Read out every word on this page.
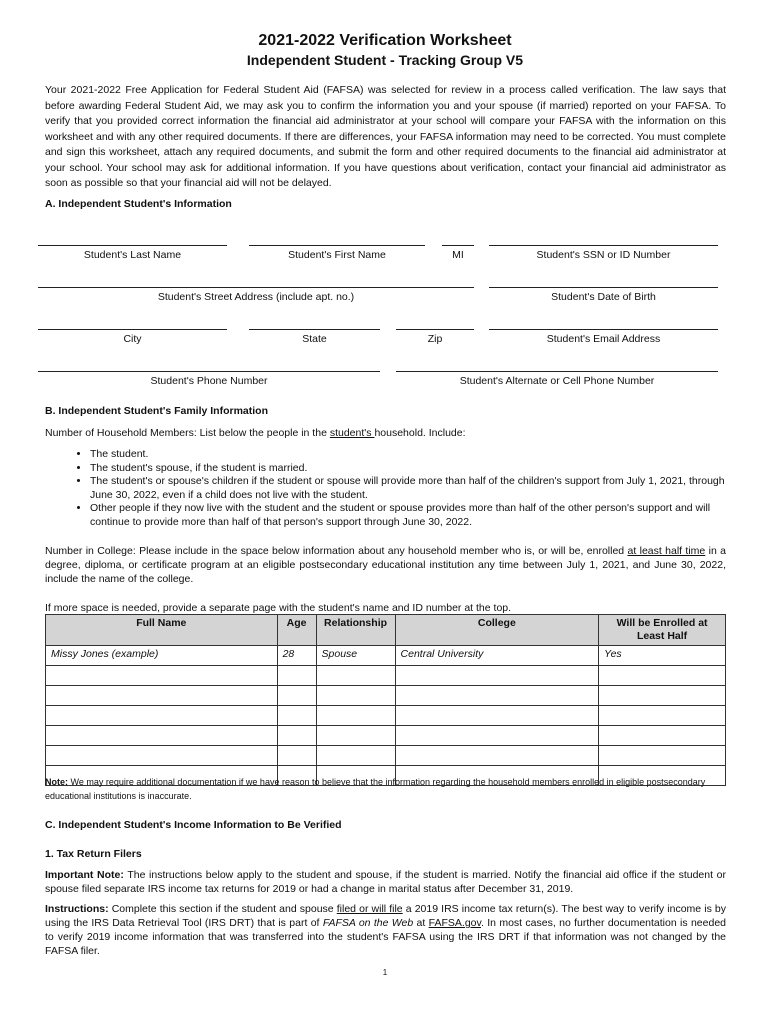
2021-2022 Verification Worksheet
Independent Student - Tracking Group V5
Your 2021-2022 Free Application for Federal Student Aid (FAFSA) was selected for review in a process called verification. The law says that before awarding Federal Student Aid, we may ask you to confirm the information you and your spouse (if married) reported on your FAFSA. To verify that you provided correct information the financial aid administrator at your school will compare your FAFSA with the information on this worksheet and with any other required documents. If there are differences, your FAFSA information may need to be corrected. You must complete and sign this worksheet, attach any required documents, and submit the form and other required documents to the financial aid administrator at your school. Your school may ask for additional information. If you have questions about verification, contact your financial aid administrator as soon as possible so that your financial aid will not be delayed.
A. Independent Student's Information
Student's Last Name	Student's First Name	MI	Student's SSN or ID Number
Student's Street Address (include apt. no.)	Student's Date of Birth
City	State	Zip	Student's Email Address
Student's Phone Number	Student's Alternate or Cell Phone Number
B. Independent Student's Family Information
Number of Household Members: List below the people in the student's household. Include:
• The student.
• The student's spouse, if the student is married.
• The student's or spouse's children if the student or spouse will provide more than half of the children's support from July 1, 2021, through June 30, 2022, even if a child does not live with the student.
• Other people if they now live with the student and the student or spouse provides more than half of the other person's support and will continue to provide more than half of that person's support through June 30, 2022.
Number in College: Please include in the space below information about any household member who is, or will be, enrolled at least half time in a degree, diploma, or certificate program at an eligible postsecondary educational institution any time between July 1, 2021, and June 30, 2022, include the name of the college.
If more space is needed, provide a separate page with the student's name and ID number at the top.
Full Name	Age	Relationship	College	Will be Enrolled at Least Half
Missy Jones (example)	28	Spouse	Central University	Yes

Note: We may require additional documentation if we have reason to believe that the information regarding the household members enrolled in eligible postsecondary educational institutions is inaccurate.
C. Independent Student's Income Information to Be Verified
1. Tax Return Filers
Important Note: The instructions below apply to the student and spouse, if the student is married. Notify the financial aid office if the student or spouse filed separate IRS income tax returns for 2019 or had a change in marital status after December 31, 2019.
Instructions: Complete this section if the student and spouse filed or will file a 2019 IRS income tax return(s). The best way to verify income is by using the IRS Data Retrieval Tool (IRS DRT) that is part of FAFSA on the Web at FAFSA.gov. In most cases, no further documentation is needed to verify 2019 income information that was transferred into the student's FAFSA using the IRS DRT if that information was not changed by the FAFSA filer.
1
